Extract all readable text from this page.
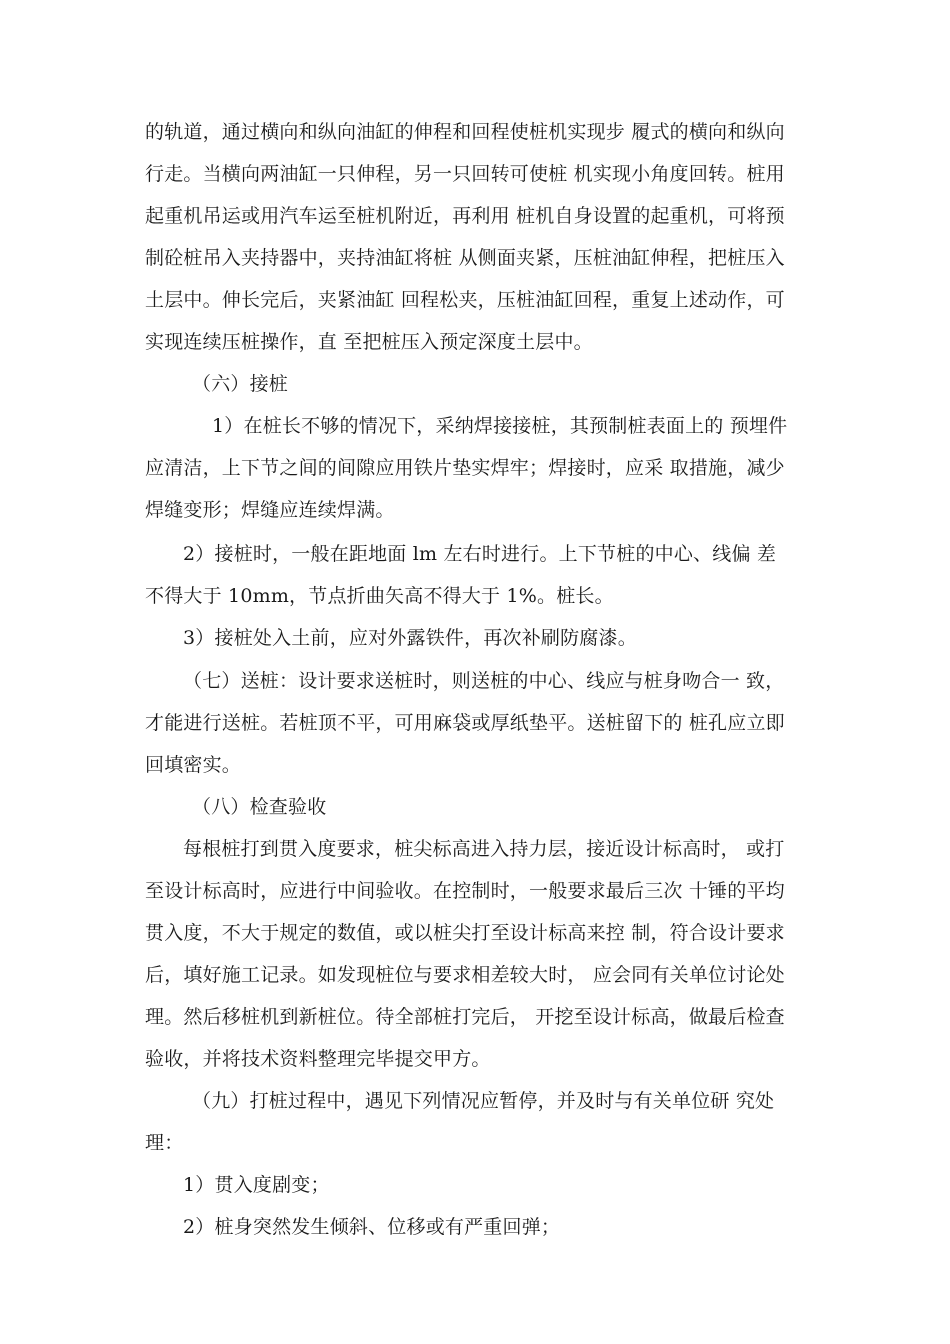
的轨道，通过横向和纵向油缸的伸程和回程使桩机实现步 履式的横向和纵向
行走。当横向两油缸一只伸程，另一只回转可使桩 机实现小角度回转。桩用
起重机吊运或用汽车运至桩机附近，再利用 桩机自身设置的起重机，可将预
制砼桩吊入夹持器中，夹持油缸将桩 从侧面夹紧，压桩油缸伸程，把桩压入
土层中。伸长完后，夹紧油缸 回程松夹，压桩油缸回程，重复上述动作，可
实现连续压桩操作，直 至把桩压入预定深度土层中。
（六）接桩
1）在桩长不够的情况下，采纳焊接接桩，其预制桩表面上的 预埋件
应清洁，上下节之间的间隙应用铁片垫实焊牢；焊接时，应采 取措施，减少
焊缝变形；焊缝应连续焊满。
2）接桩时，一般在距地面 lm 左右时进行。上下节桩的中心、线偏 差
不得大于 10mm，节点折曲矢高不得大于 1%。桩长。
3）接桩处入土前，应对外露铁件，再次补刷防腐漆。
（七）送桩：设计要求送桩时，则送桩的中心、线应与桩身吻合一 致，
才能进行送桩。若桩顶不平，可用麻袋或厚纸垫平。送桩留下的 桩孔应立即
回填密实。
（八）检查验收
每根桩打到贯入度要求，桩尖标高进入持力层，接近设计标高时， 或打
至设计标高时，应进行中间验收。在控制时，一般要求最后三次 十锤的平均
贯入度，不大于规定的数值，或以桩尖打至设计标高来控 制，符合设计要求
后，填好施工记录。如发现桩位与要求相差较大时， 应会同有关单位讨论处
理。然后移桩机到新桩位。待全部桩打完后， 开挖至设计标高，做最后检查
验收，并将技术资料整理完毕提交甲方。
（九）打桩过程中，遇见下列情况应暂停，并及时与有关单位研 究处
理：
1）贯入度剧变；
2）桩身突然发生倾斜、位移或有严重回弹；
